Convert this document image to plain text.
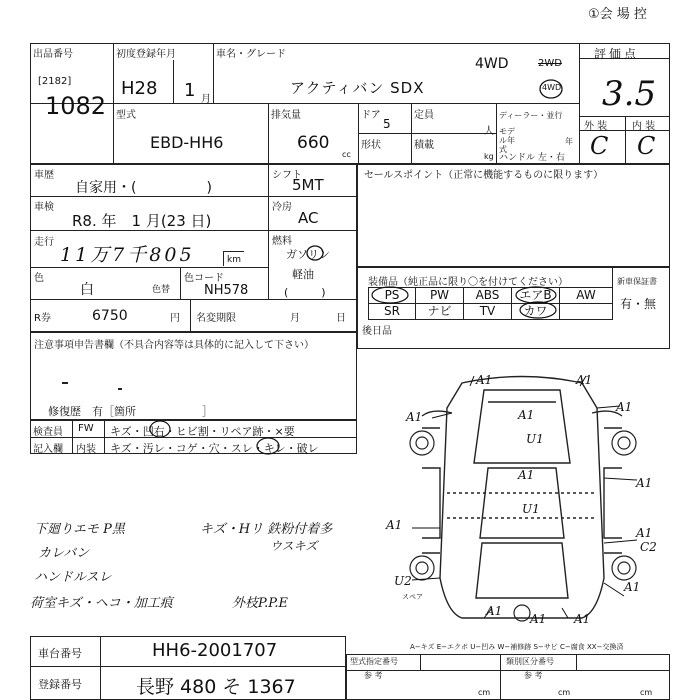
①会 場 控
出品番号
[2182]
1082
初度登録年月
H28 1 月
車名・グレード
4WD	2WD
4WD
アクティバン SDX
評価点
3.5
外 装 内 装
C C
型式
EBD-HH6
排気量
660
cc
ドア
5
定員
人
形状	積載
kg
ディーラー・並行
モデル年式
年
ハンドル 左・右
車歴
自家用・(　　　　　)
シフト
5MT
車検
R8. 年　1 月(23 日)
冷房
AC
走行
11万7千805	km
燃料
ガソリン
軽油
(　　　)
色
白	色替
色コード
NH578
R券	6750	円 名変期限	月	日
セールスポイント（正常に機能するものに限ります）
装備品（純正品に限り〇を付けてください）	新車保証書
有・無
PS	PW	ABS	エアB	AW
SR	ナビ	TV	カワ
後日品
注意事項申告書欄（不具合内容等は具体的に記入して下さい）
修復歴　有［箇所　　　　　　］
検査員 FW キズ・凹右・ヒビ割・リペア跡・×要
記入欄 内装 キズ・汚レ・コゲ・穴・スレ・キレ・破レ
下廻りエモ P黒
カレバン
ハンドルスレ
荷室キズ・ヘコ・加工痕
キズ・Hリ 鉄粉付着多
ウスキズ
外枝P.P.E
A1	A1
A1
A1	A1
U1
A1
A1
U1
A1
A1
C2
U2	A1
A1
A1 A1
スペア
A−キズ E−エクボ U−凹み W−補修跡 S−サビ C−腐食 XX−交換済
車台番号	HH6-2001707
登録番号	長野 480 そ 1367
型式指定番号	類別区分番号
参 考	参 考
cm	cm	cm
